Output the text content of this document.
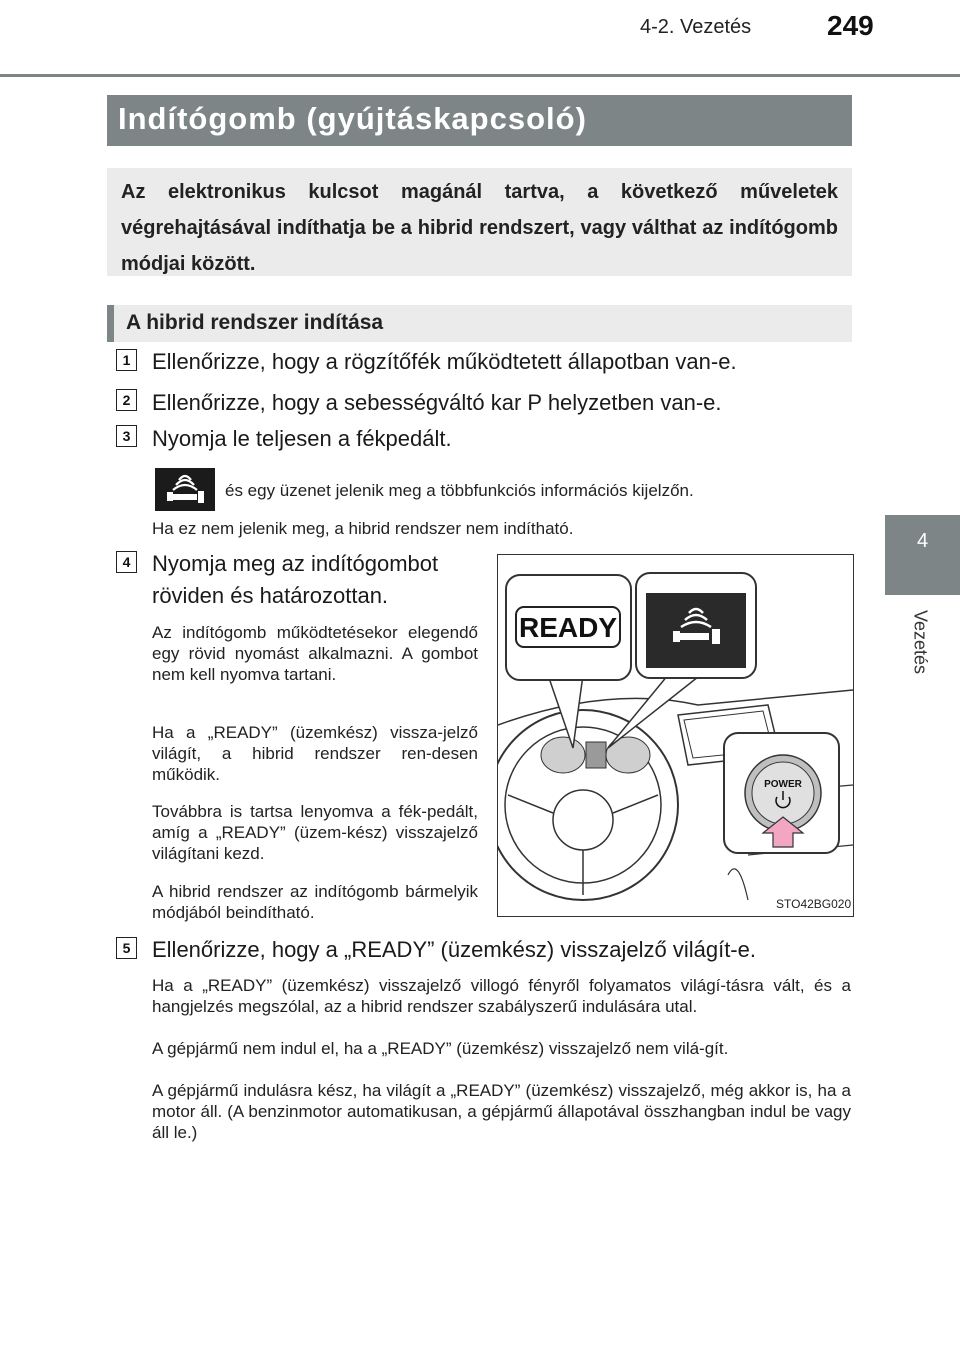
4-2. Vezetés	249
4
Vezetés
Indítógomb (gyújtáskapcsoló)
Az elektronikus kulcsot magánál tartva, a következő műveletek végrehajtásával indíthatja be a hibrid rendszert, vagy válthat az indítógomb módjai között.
A hibrid rendszer indítása
1 Ellenőrizze, hogy a rögzítőfék működtetett állapotban van-e.
2 Ellenőrizze, hogy a sebességváltó kar P helyzetben van-e.
3 Nyomja le teljesen a fékpedált.
és egy üzenet jelenik meg a többfunkciós információs kijelzőn.
Ha ez nem jelenik meg, a hibrid rendszer nem indítható.
4 Nyomja meg az indítógombot
röviden és határozottan.
Az indítógomb működtetésekor elegendő egy rövid nyomást alkalmazni. A gombot nem kell nyomva tartani.
Ha a „READY” (üzemkész) vissza-jelző világít, a hibrid rendszer ren-desen működik.
Továbbra is tartsa lenyomva a fék-pedált, amíg a „READY” (üzem-kész) visszajelző világítani kezd.
A hibrid rendszer az indítógomb bármelyik módjából beindítható.
READY
POWER
STO42BG020
5 Ellenőrizze, hogy a „READY” (üzemkész) visszajelző világít-e.
Ha a „READY” (üzemkész) visszajelző villogó fényről folyamatos világí-tásra vált, és a hangjelzés megszólal, az a hibrid rendszer szabályszerű indulására utal.
A gépjármű nem indul el, ha a „READY” (üzemkész) visszajelző nem vilá-gít.
A gépjármű indulásra kész, ha világít a „READY” (üzemkész) visszajelző, még akkor is, ha a motor áll. (A benzinmotor automatikusan, a gépjármű állapotával összhangban indul be vagy áll le.)
